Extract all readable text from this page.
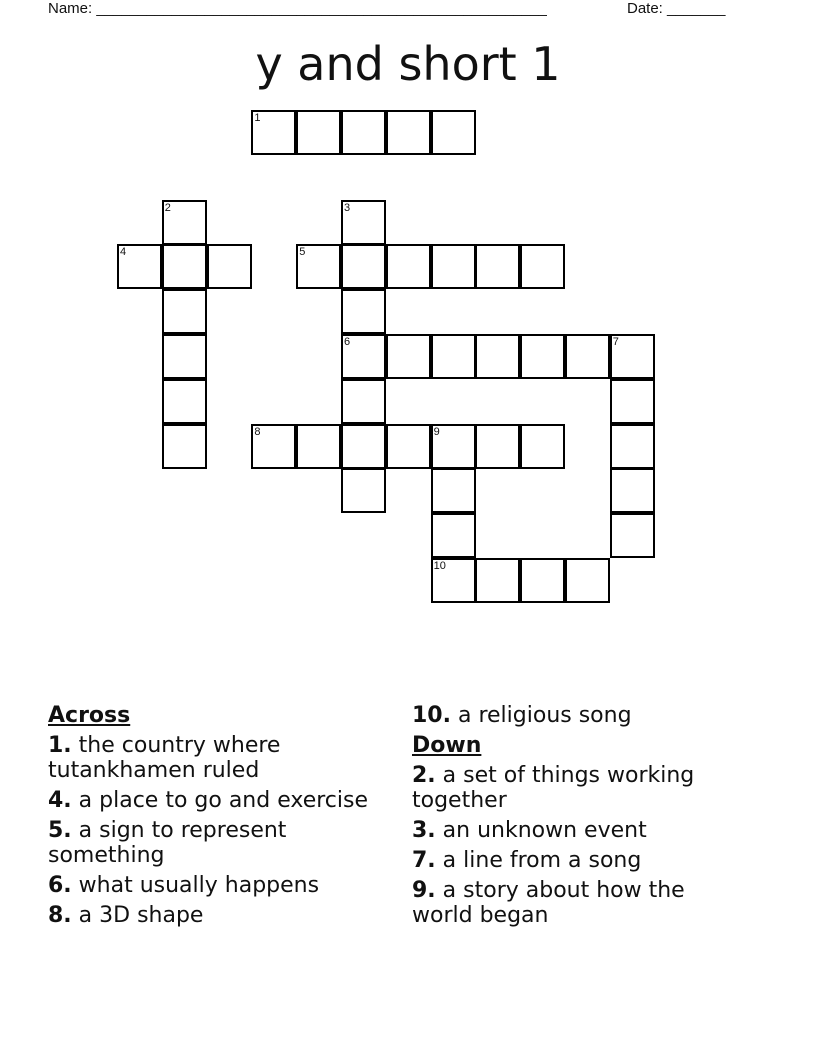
Name: ______________________________________________________	Date: _______
y and short 1
1
2	3
4	5
6	7
8	9
10
Across
1. the country where tutankhamen ruled
4. a place to go and exercise
5. a sign to represent something
6. what usually happens
8. a 3D shape
10. a religious song
Down
2. a set of things working together
3. an unknown event
7. a line from a song
9. a story about how the world began
